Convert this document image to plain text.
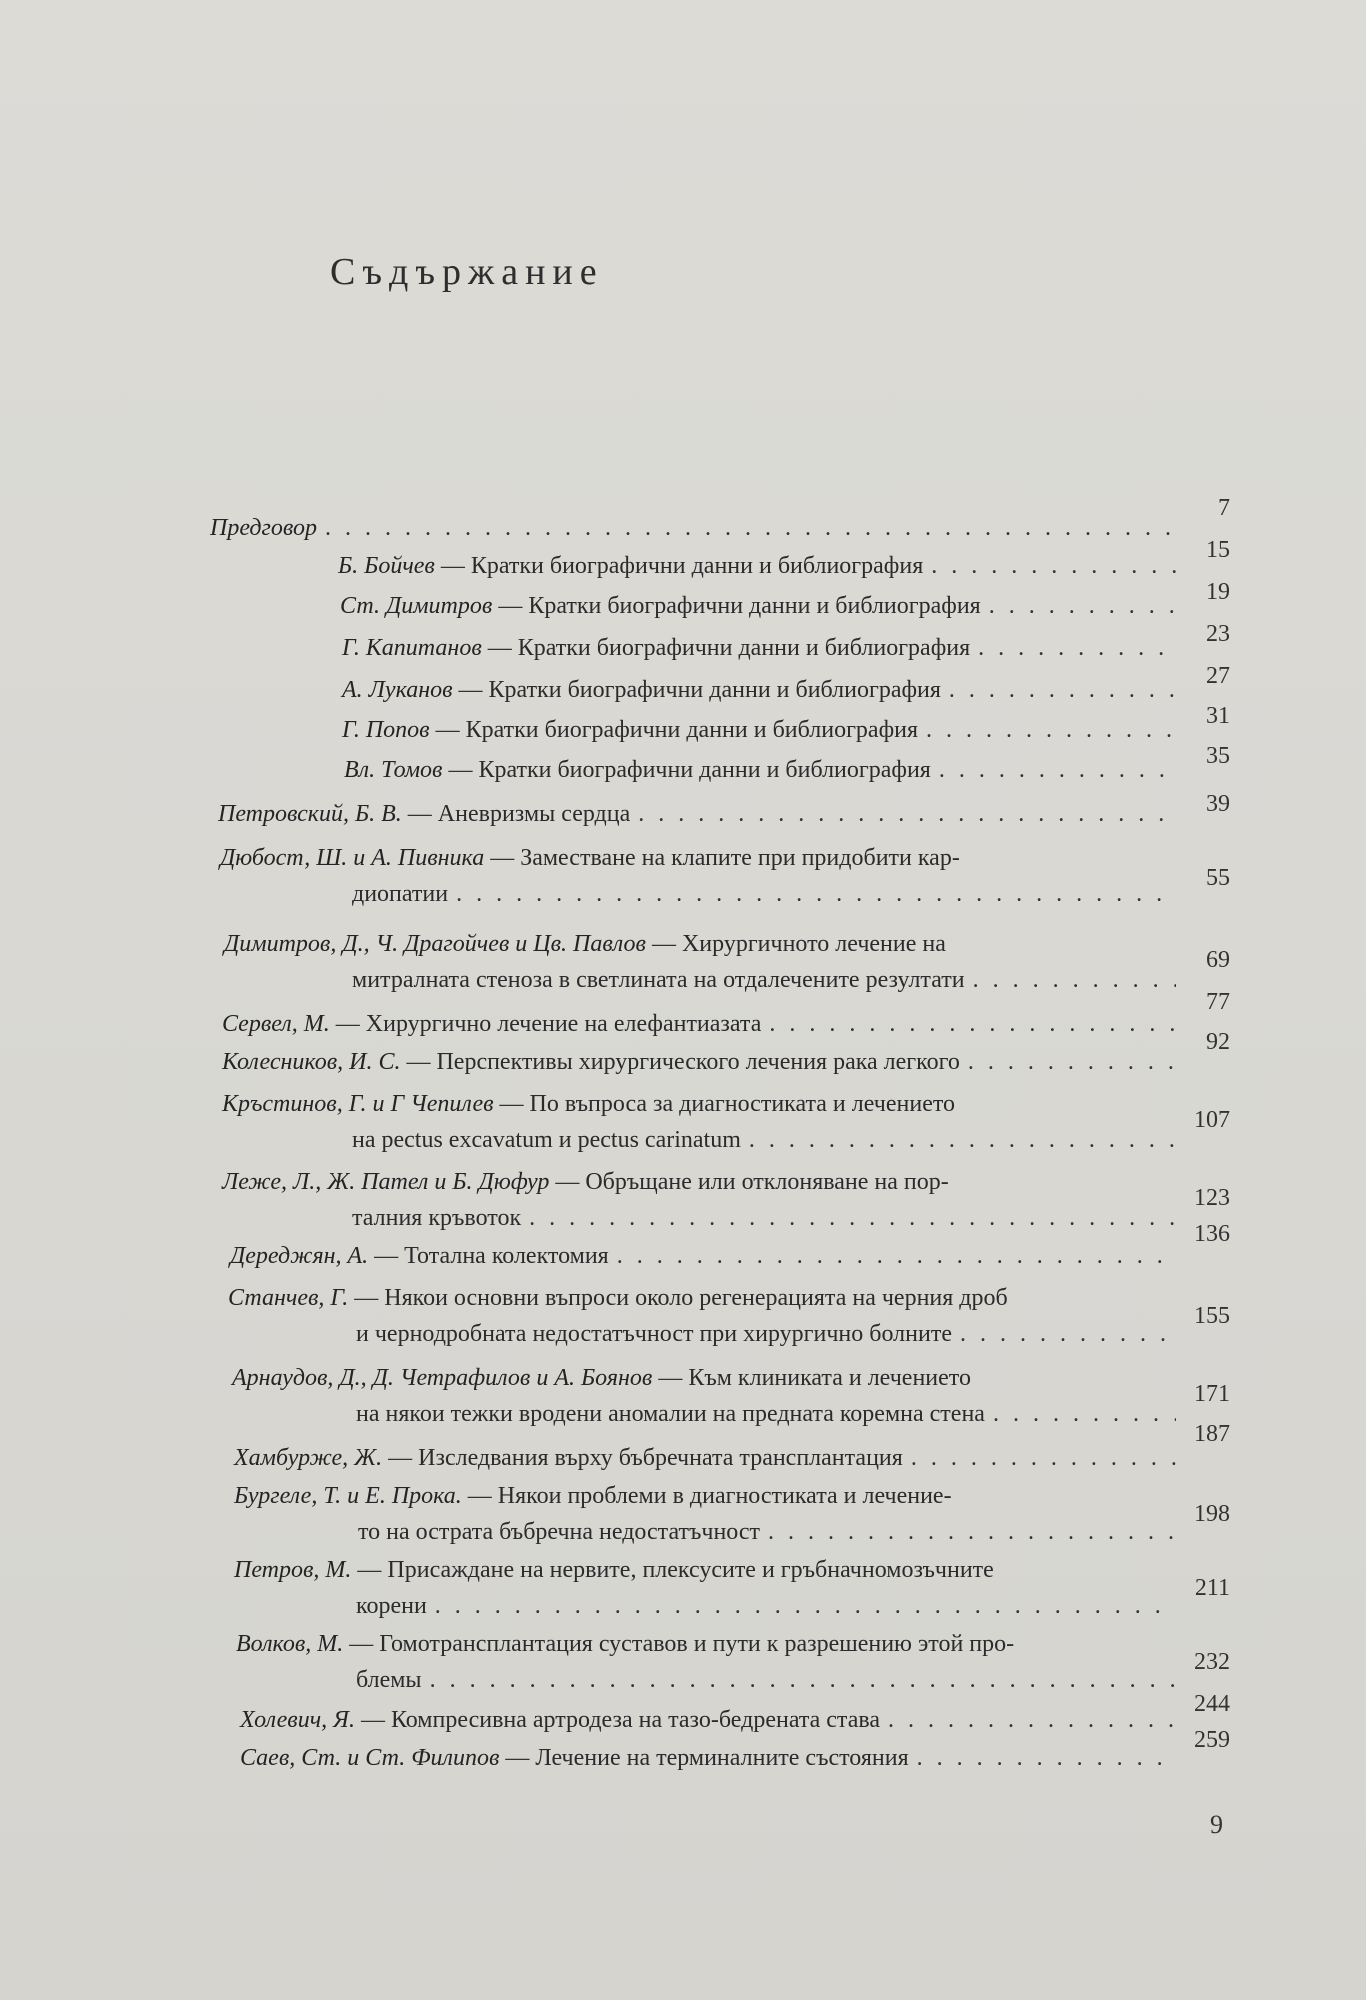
Съдържание
Предговор
. . .
7
Б. Бойчев — Кратки биографични данни и библиография
. . .
15
Ст. Димитров — Кратки биографични данни и библиография
. . .
19
Г. Капитанов — Кратки биографични данни и библиография
. . .
23
А. Луканов — Кратки биографични данни и библиография
. . .
27
Г. Попов — Кратки биографични данни и библиография
. . .
31
Вл. Томов — Кратки биографични данни и библиография
. . .
35
Петровский, Б. В. — Аневризмы сердца
. . .	39
Дюбост, Ш. и А. Пивника — Заместване на клапите при придобити кар-
диопатии
. . .
55
Димитров, Д., Ч. Драгойчев и Цв. Павлов — Хирургичното лечение на
митралната стеноза в светлината на отдалечените резултати
. . .
69
Сервел, М. — Хирургично лечение на елефантиазата
. . .
77
Колесников, И. С. — Перспективы хирургического лечения рака легкого
. . .
92
Кръстинов, Г. и Г Чепилев — По въпроса за диагностиката и лечението
на pectus excavatum и pectus carinatum
. . .
107
Леже, Л., Ж. Пател и Б. Дюфур — Обръщане или отклоняване на пор-
талния кръвоток
. . .
123
Дереджян, А. — Тотална колектомия
. . .
136
Станчев, Г. — Някои основни въпроси около регенерацията на черния дроб
и чернодробната недостатъчност при хирургично болните
. . .
155
Арнаудов, Д., Д. Четрафилов и А. Боянов — Към клиниката и лечението
на някои тежки вродени аномалии на предната коремна стена
. . .
171
Хамбурже, Ж. — Изследвания върху бъбречната трансплантация
. . .
187
Бургеле, Т. и Е. Прока. — Някои проблеми в диагностиката и лечение-
то на острата бъбречна недостатъчност
. . .
198
Петров, М. — Присаждане на нервите, плексусите и гръбначномозъчните
корени
. . .
211
Волков, М. — Гомотрансплантация суставов и пути к разрешению этой про-
блемы
. . .
232
Холевич, Я. — Компресивна артродеза на тазо-бедрената става
. . .
244
Саев, Ст. и Ст. Филипов — Лечение на терминалните състояния
. . .
259
9
